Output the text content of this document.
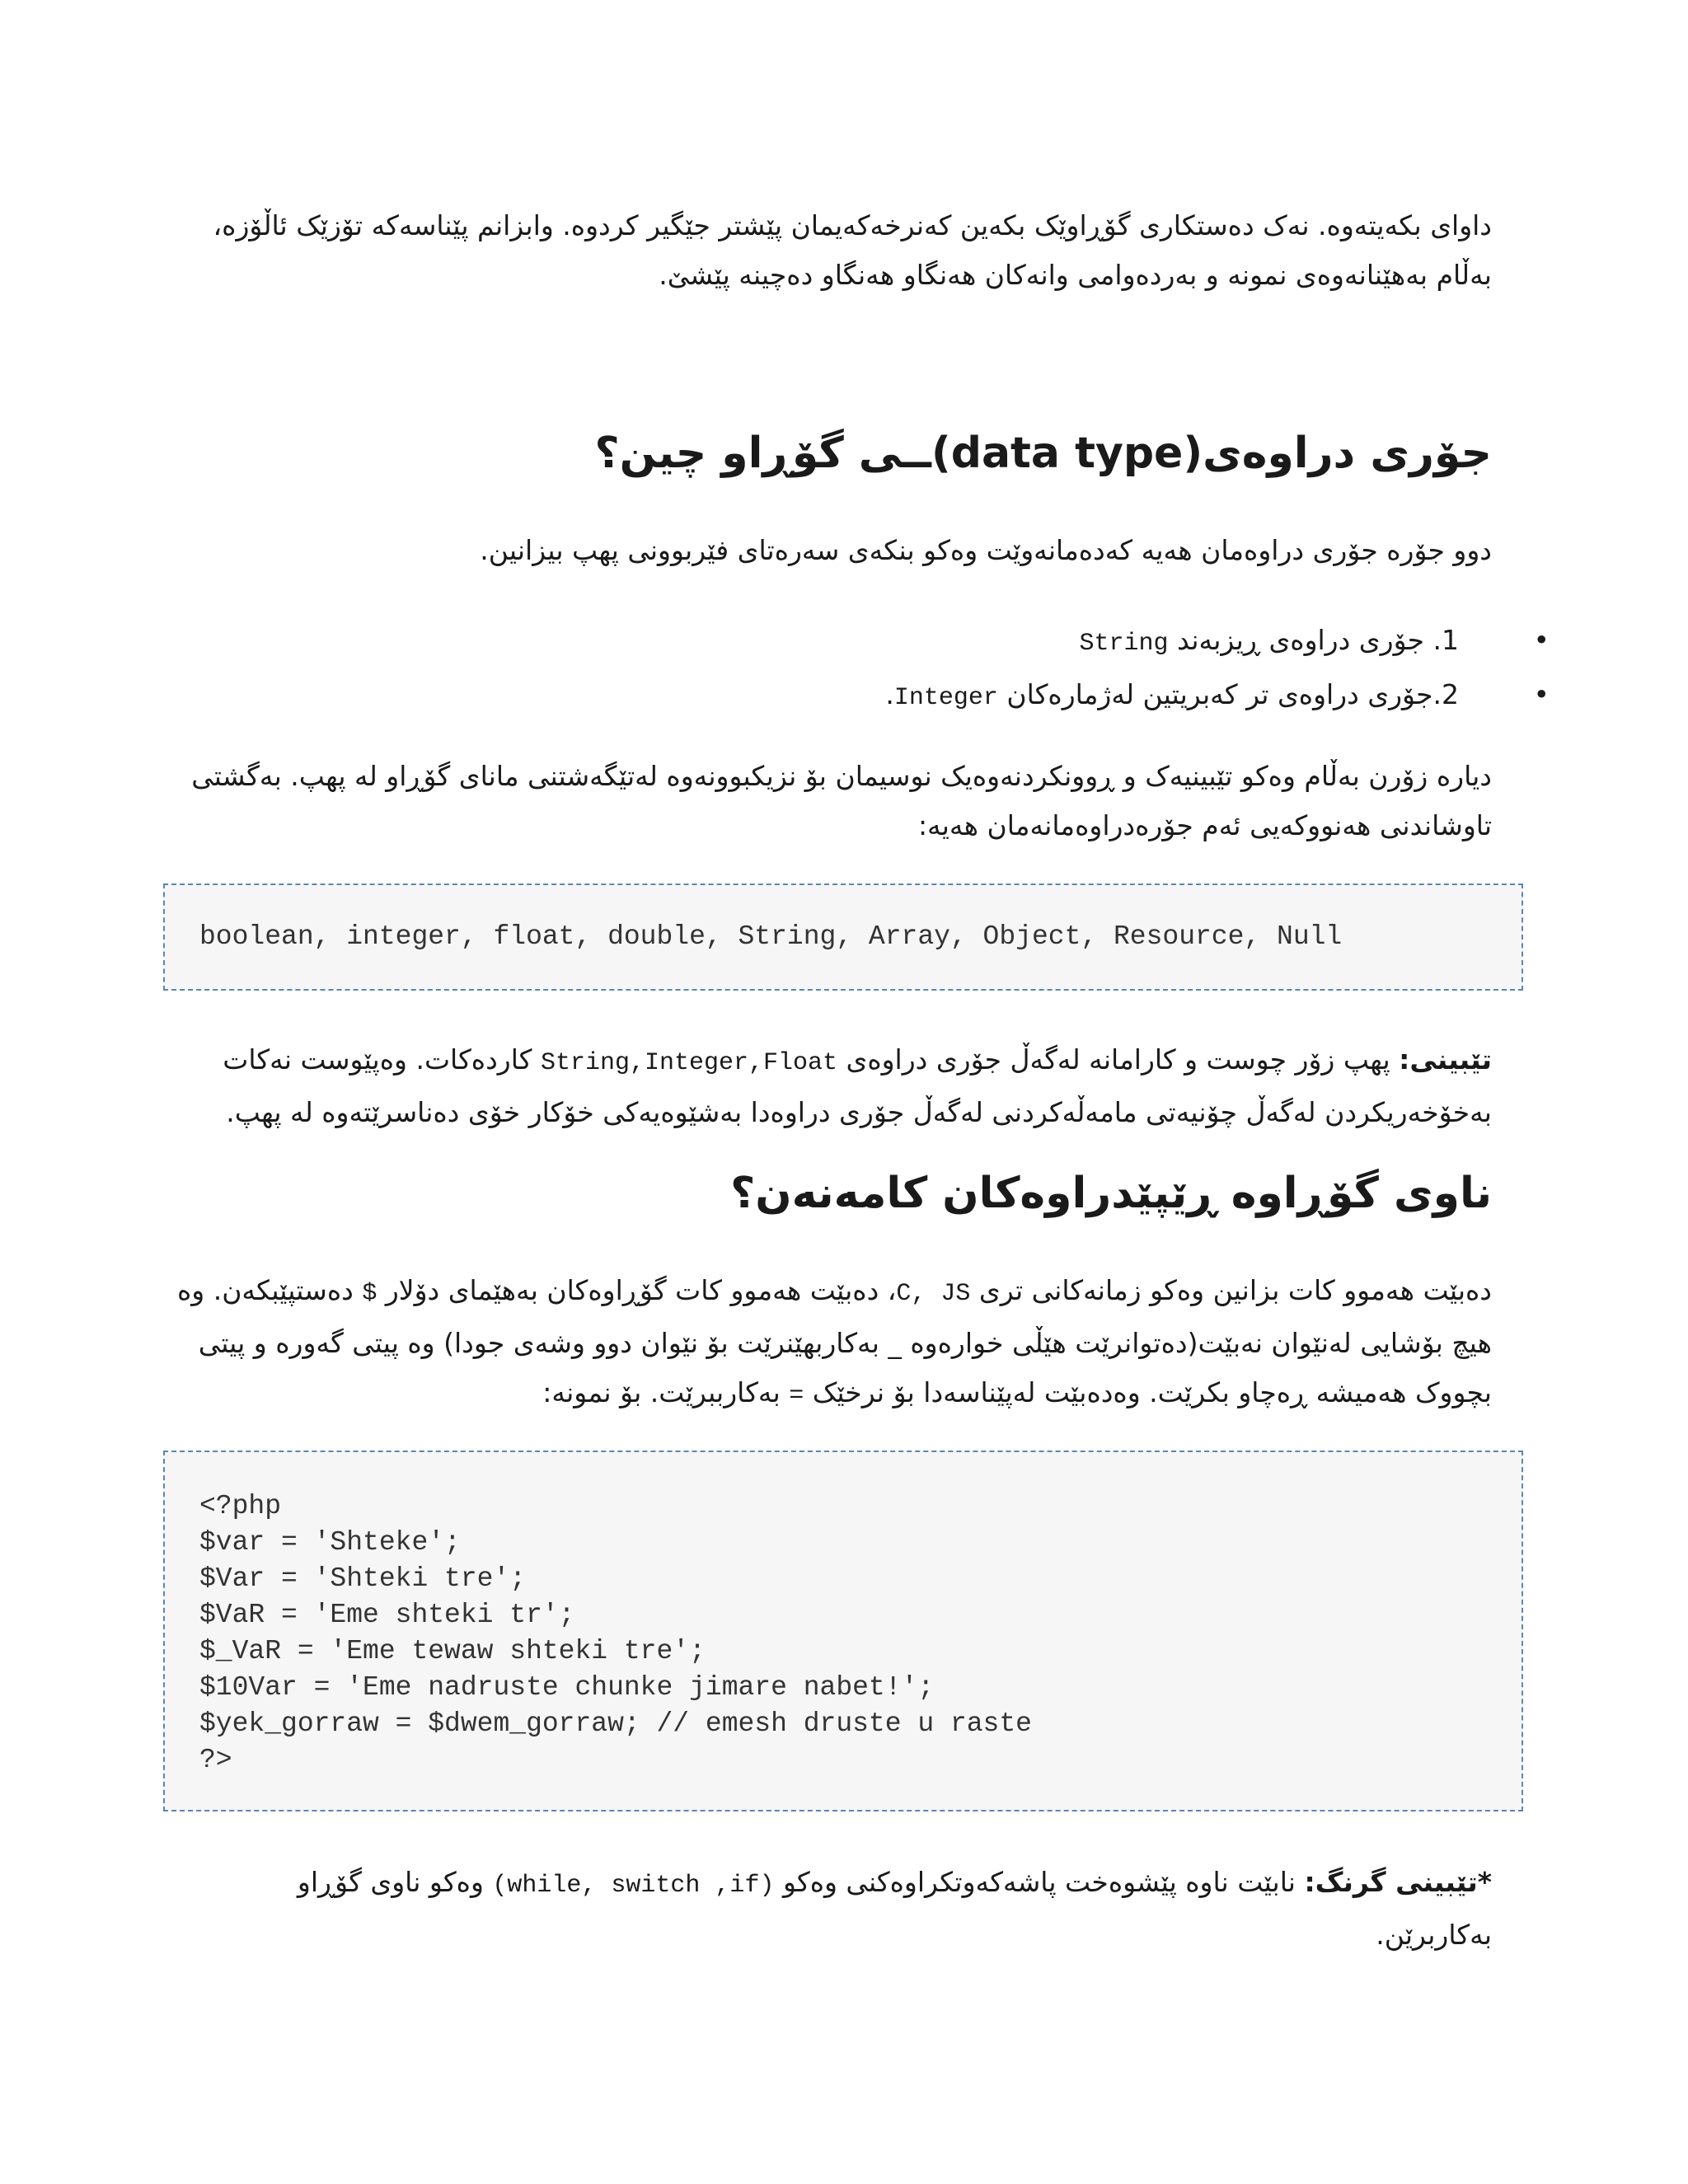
داوای بکەیتەوە. نەک دەستکاری گۆڕاوێک بکەین کەنرخەکەیمان پێشتر جێگیر کردوە. وابزانم پێناسەکە تۆزێک ئاڵۆزە،
بەڵام بەهێنانەوەی نمونە و بەردەوامی وانەکان هەنگاو هەنگاو دەچینە پێشێ.
جۆری دراوەی(data type)ــی گۆڕاو چین؟
دوو جۆرە جۆری دراوەمان هەیە کەدەمانەوێت وەکو بنکەی سەرەتای فێربوونی پهپ بیزانین.
•
1. جۆری دراوەی ڕیزبەند String
•
2.جۆری دراوەی تر کەبریتین لەژمارەکان Integer.
دیارە زۆرن بەڵام وەکو تێبینیەک و ڕوونکردنەوەیک نوسیمان بۆ نزیکبوونەوە لەتێگەشتنی مانای گۆڕاو لە پهپ. بەگشتی
تاوشاندنی هەنووکەیی ئەم جۆرەدراوەمانەمان هەیە:
boolean, integer, float, double, String, Array, Object, Resource, Null
تێبینی: پهپ زۆر چوست و کارامانە لەگەڵ جۆری دراوەی String,Integer,Float کاردەکات. وەپێوست نەکات
بەخۆخەریکردن لەگەڵ چۆنیەتی مامەڵەکردنی لەگەڵ جۆری دراوەدا بەشێوەیەکی خۆکار خۆی دەناسرێتەوە لە پهپ.
ناوی گۆڕاوە ڕێپێدراوەکان کامەنەن؟
دەبێت هەموو کات بزانین وەکو زمانەکانی تری C, JS، دەبێت هەموو کات گۆڕاوەکان بەهێمای دۆلار $ دەستپێبکەن. وە
هیچ بۆشایی لەنێوان نەبێت(دەتوانرێت هێڵی خوارەوە _ بەکاربهێنرێت بۆ نێوان دوو وشەی جودا) وە پیتی گەورە و پیتی
بچووک هەمیشە ڕەچاو بکرێت. وەدەبێت لەپێناسەدا بۆ نرخێک = بەکارببرێت. بۆ نمونە:
<?php
$var = 'Shteke';
$Var = 'Shteki tre';
$VaR = 'Eme shteki tr';
$_VaR = 'Eme tewaw shteki tre';
$10Var = 'Eme nadruste chunke jimare nabet!';
$yek_gorraw = $dwem_gorraw; // emesh druste u raste
?>
*تێبینی گرنگ: نابێت ناوە پێشوەخت پاشەکەوتکراوەکنی وەکو (while, switch ,if) وەکو ناوی گۆڕاو
بەکاربرێن.
